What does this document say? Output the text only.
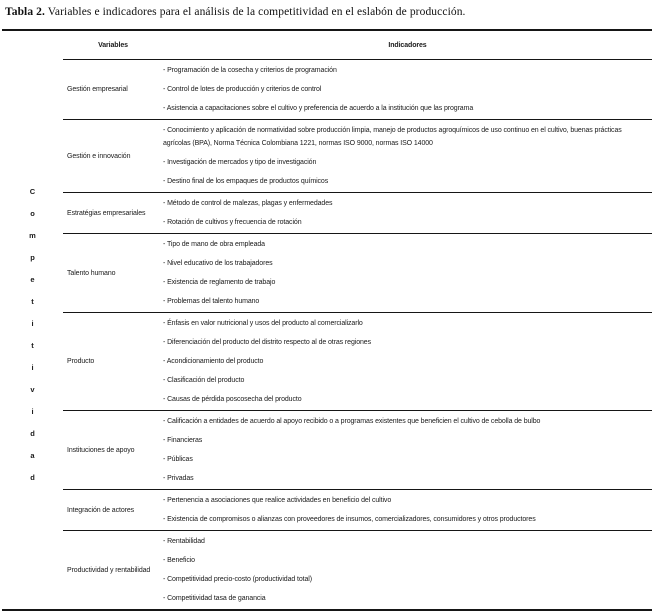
Tabla 2. Variables e indicadores para el análisis de la competitividad en el eslabón de producción.
Variables	Indicadores
C
o
m
p
e
t
i
t
i
v
i
d
a
d
Gestión empresarial
- Programación de la cosecha y criterios de programación
- Control de lotes de producción y criterios de control
- Asistencia a capacitaciones sobre el cultivo y preferencia de acuerdo a la institución que las programa
Gestión e innovación
- Conocimiento y aplicación de normatividad sobre producción limpia, manejo de productos agroquímicos de uso continuo en el cultivo, buenas prácticas agrícolas (BPA), Norma Técnica Colombiana 1221, normas ISO 9000, normas ISO 14000
- Investigación de mercados y tipo de investigación
- Destino final de los empaques de productos químicos
Estratégias empresariales
- Método de control de malezas, plagas y enfermedades
- Rotación de cultivos y frecuencia de rotación
Talento humano
- Tipo de mano de obra empleada
- Nivel educativo de los trabajadores
- Existencia de reglamento de trabajo
- Problemas del talento humano
Producto
- Énfasis en valor nutricional y usos del producto al comercializarlo
- Diferenciación del producto del distrito respecto al de otras regiones
- Acondicionamiento del producto
- Clasificación del producto
- Causas de pérdida poscosecha del producto
Instituciones de apoyo
- Calificación a entidades de acuerdo al apoyo recibido o a programas existentes que beneficien el cultivo de cebolla de bulbo
- Financieras
- Públicas
- Privadas
Integración de actores
- Pertenencia a asociaciones que realice actividades en beneficio del cultivo
- Existencia de compromisos o alianzas con proveedores de insumos, comercializadores, consumidores y otros productores
Productividad y rentabilidad
- Rentabilidad
- Beneficio
- Competitividad precio-costo (productividad total)
- Competitividad tasa de ganancia
